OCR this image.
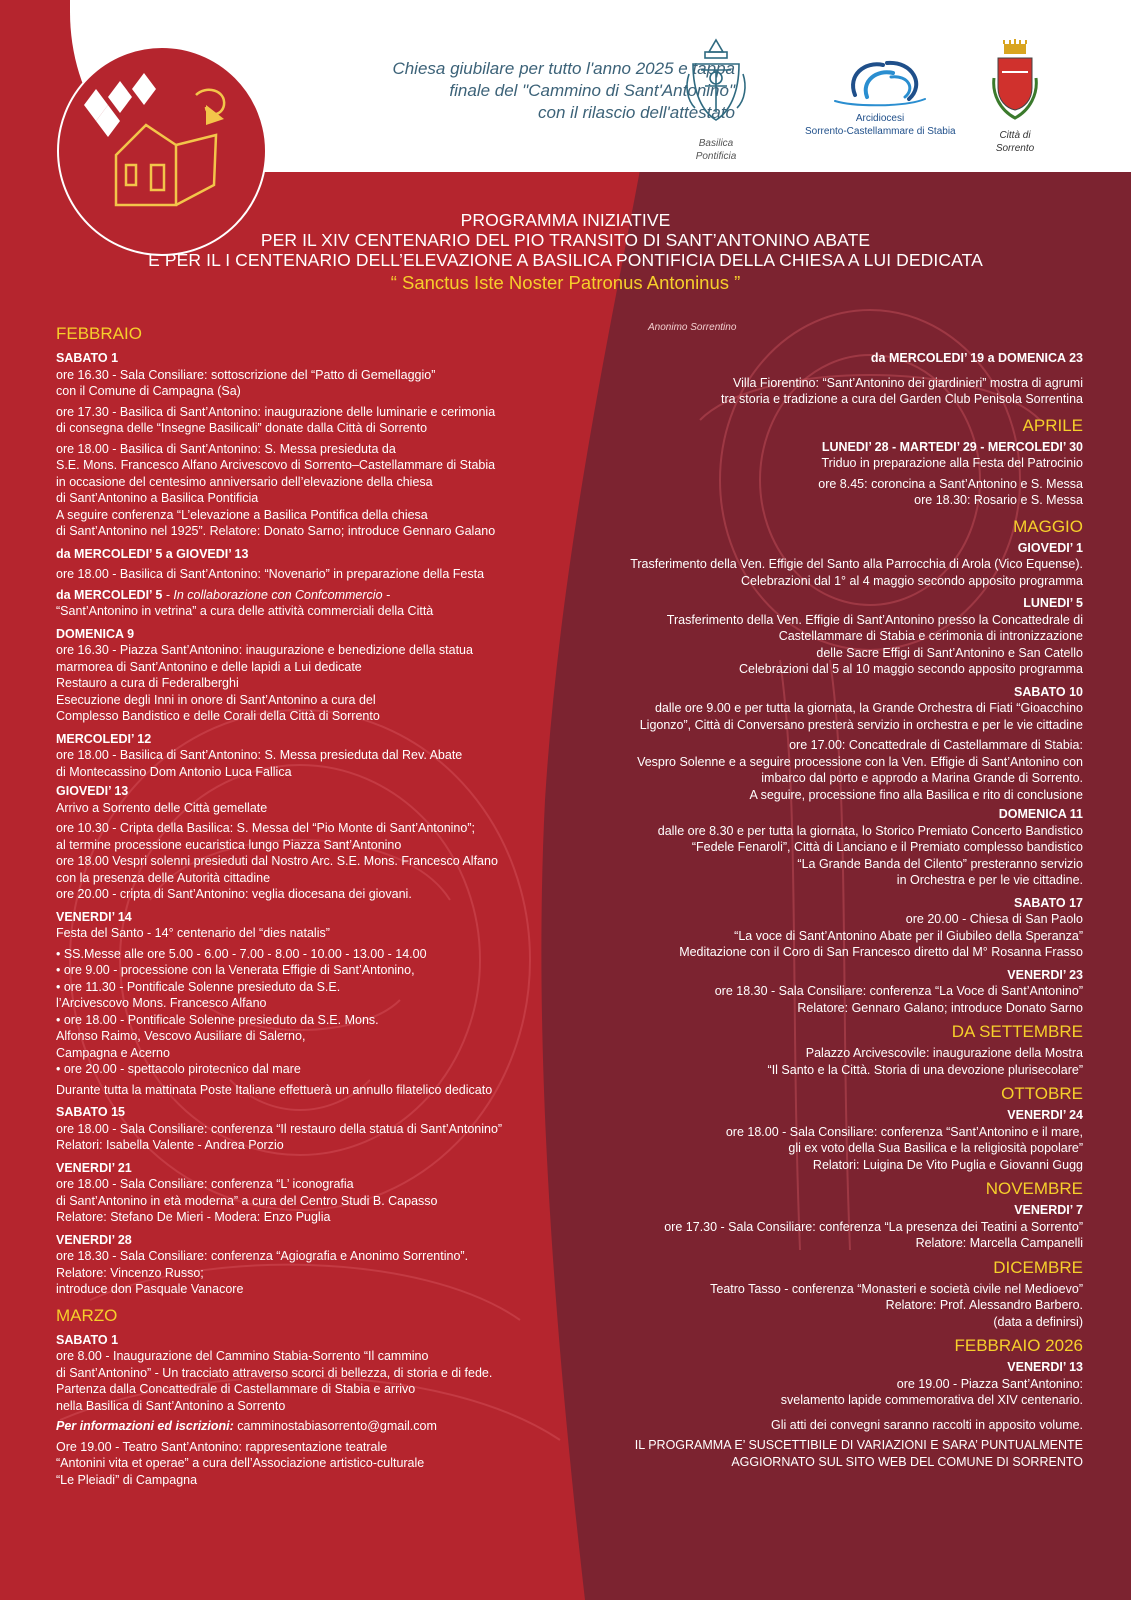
Chiesa giubilare per tutto l'anno 2025 e tappa
finale del "Cammino di Sant'Antonino"
con il rilascio dell'attestato
Basilica
Pontificia
Arcidiocesi
Sorrento-Castellammare di Stabia	Città di
Sorrento
PROGRAMMA INIZIATIVE
PER IL XIV CENTENARIO DEL PIO TRANSITO DI SANT’ANTONINO ABATE
E PER IL I CENTENARIO DELL’ELEVAZIONE A BASILICA PONTIFICIA DELLA CHIESA A LUI DEDICATA
“ Sanctus Iste Noster Patronus Antoninus ”
Anonimo Sorrentino
FEBBRAIO
SABATO 1
ore 16.30 - Sala Consiliare: sottoscrizione del “Patto di Gemellaggio”
con il Comune di Campagna (Sa)
ore 17.30 - Basilica di Sant’Antonino: inaugurazione delle luminarie e cerimonia
di consegna delle “Insegne Basilicali” donate dalla Città di Sorrento
ore 18.00 - Basilica di Sant’Antonino: S. Messa presieduta da
S.E. Mons. Francesco Alfano Arcivescovo di Sorrento–Castellammare di Stabia
in occasione del centesimo anniversario dell’elevazione della chiesa
di Sant’Antonino a Basilica Pontificia
A seguire conferenza “L’elevazione a Basilica Pontifica della chiesa
di Sant’Antonino nel 1925”. Relatore: Donato Sarno; introduce Gennaro Galano
da MERCOLEDI’ 5 a GIOVEDI’ 13
ore 18.00 - Basilica di Sant’Antonino: “Novenario” in preparazione della Festa
da MERCOLEDI’ 5 - In collaborazione con Confcommercio -
“Sant’Antonino in vetrina” a cura delle attività commerciali della Città
DOMENICA 9
ore 16.30 - Piazza Sant’Antonino: inaugurazione e benedizione della statua
marmorea di Sant’Antonino e delle lapidi a Lui dedicate
Restauro a cura di Federalberghi
Esecuzione degli Inni in onore di Sant’Antonino a cura del
Complesso Bandistico e delle Corali della Città di Sorrento
MERCOLEDI’ 12
ore 18.00 - Basilica di Sant’Antonino: S. Messa presieduta dal Rev. Abate
di Montecassino Dom Antonio Luca Fallica
GIOVEDI’ 13
Arrivo a Sorrento delle Città gemellate
ore 10.30 - Cripta della Basilica: S. Messa del “Pio Monte di Sant’Antonino”;
al termine processione eucaristica lungo Piazza Sant’Antonino
ore 18.00 Vespri solenni presieduti dal Nostro Arc. S.E. Mons. Francesco Alfano
con la presenza delle Autorità cittadine
ore 20.00 - cripta di Sant’Antonino: veglia diocesana dei giovani.
VENERDI’ 14
Festa del Santo - 14° centenario del “dies natalis”
• SS.Messe alle ore 5.00 - 6.00 - 7.00 - 8.00 - 10.00 - 13.00 - 14.00
• ore 9.00 - processione con la Venerata Effigie di Sant’Antonino,
• ore 11.30 - Pontificale Solenne presieduto da S.E.
l’Arcivescovo Mons. Francesco Alfano
• ore 18.00 - Pontificale Solenne presieduto da S.E. Mons.
Alfonso Raimo, Vescovo Ausiliare di Salerno,
Campagna e Acerno
• ore 20.00 - spettacolo pirotecnico dal mare
Durante tutta la mattinata Poste Italiane effettuerà un annullo filatelico dedicato
SABATO 15
ore 18.00 - Sala Consiliare: conferenza “Il restauro della statua di Sant’Antonino”
Relatori: Isabella Valente - Andrea Porzio
VENERDI’ 21
ore 18.00 - Sala Consiliare: conferenza “L’ iconografia
di Sant’Antonino in età moderna” a cura del Centro Studi B. Capasso
Relatore: Stefano De Mieri - Modera: Enzo Puglia
VENERDI’ 28
ore 18.30 - Sala Consiliare: conferenza “Agiografia e Anonimo Sorrentino”.
Relatore: Vincenzo Russo;
introduce don Pasquale Vanacore
MARZO
SABATO 1
ore 8.00 - Inaugurazione del Cammino Stabia-Sorrento “Il cammino
di Sant’Antonino” - Un tracciato attraverso scorci di bellezza, di storia e di fede.
Partenza dalla Concattedrale di Castellammare di Stabia e arrivo
nella Basilica di Sant’Antonino a Sorrento
Per informazioni ed iscrizioni: camminostabiasorrento@gmail.com
Ore 19.00 - Teatro Sant’Antonino: rappresentazione teatrale
“Antonini vita et operae” a cura dell’Associazione artistico-culturale
“Le Pleiadi” di Campagna
da MERCOLEDI’ 19 a DOMENICA 23
Villa Fiorentino: “Sant’Antonino dei giardinieri” mostra di agrumi
tra storia e tradizione a cura del Garden Club Penisola Sorrentina
APRILE
LUNEDI’ 28 - MARTEDI’ 29 - MERCOLEDI’ 30
Triduo in preparazione alla Festa del Patrocinio
ore 8.45: coroncina a Sant’Antonino e S. Messa
ore 18.30: Rosario e S. Messa
MAGGIO
GIOVEDI’ 1
Trasferimento della Ven. Effigie del Santo alla Parrocchia di Arola (Vico Equense).
Celebrazioni dal 1° al 4 maggio secondo apposito programma
LUNEDI’ 5
Trasferimento della Ven. Effigie di Sant’Antonino presso la Concattedrale di
Castellammare di Stabia e cerimonia di intronizzazione
delle Sacre Effigi di Sant’Antonino e San Catello
Celebrazioni dal 5 al 10 maggio secondo apposito programma
SABATO 10
dalle ore 9.00 e per tutta la giornata, la Grande Orchestra di Fiati “Gioacchino
Ligonzo”, Città di Conversano presterà servizio in orchestra e per le vie cittadine
ore 17.00: Concattedrale di Castellammare di Stabia:
Vespro Solenne e a seguire processione con la Ven. Effigie di Sant’Antonino con
imbarco dal porto e approdo a Marina Grande di Sorrento.
A seguire, processione fino alla Basilica e rito di conclusione
DOMENICA 11
dalle ore 8.30 e per tutta la giornata, lo Storico Premiato Concerto Bandistico
“Fedele Fenaroli”, Città di Lanciano e il Premiato complesso bandistico
“La Grande Banda del Cilento” presteranno servizio
in Orchestra e per le vie cittadine.
SABATO 17
ore 20.00 - Chiesa di San Paolo
“La voce di Sant’Antonino Abate per il Giubileo della Speranza”
Meditazione con il Coro di San Francesco diretto dal M° Rosanna Frasso
VENERDI’ 23
ore 18.30 - Sala Consiliare: conferenza “La Voce di Sant’Antonino”
Relatore: Gennaro Galano; introduce Donato Sarno
DA SETTEMBRE
Palazzo Arcivescovile: inaugurazione della Mostra
“Il Santo e la Città. Storia di una devozione plurisecolare”
OTTOBRE
VENERDI’ 24
ore 18.00 - Sala Consiliare: conferenza “Sant’Antonino e il mare,
gli ex voto della Sua Basilica e la religiosità popolare”
Relatori: Luigina De Vito Puglia e Giovanni Gugg
NOVEMBRE
VENERDI’ 7
ore 17.30 - Sala Consiliare: conferenza “La presenza dei Teatini a Sorrento”
Relatore: Marcella Campanelli
DICEMBRE
Teatro Tasso - conferenza “Monasteri e società civile nel Medioevo”
Relatore: Prof. Alessandro Barbero.
(data a definirsi)
FEBBRAIO 2026
VENERDI’ 13
ore 19.00 - Piazza Sant’Antonino:
svelamento lapide commemorativa del XIV centenario.
Gli atti dei convegni saranno raccolti in apposito volume.
IL PROGRAMMA E’ SUSCETTIBILE DI VARIAZIONI E SARA’ PUNTUALMENTE
AGGIORNATO SUL SITO WEB DEL COMUNE DI SORRENTO
